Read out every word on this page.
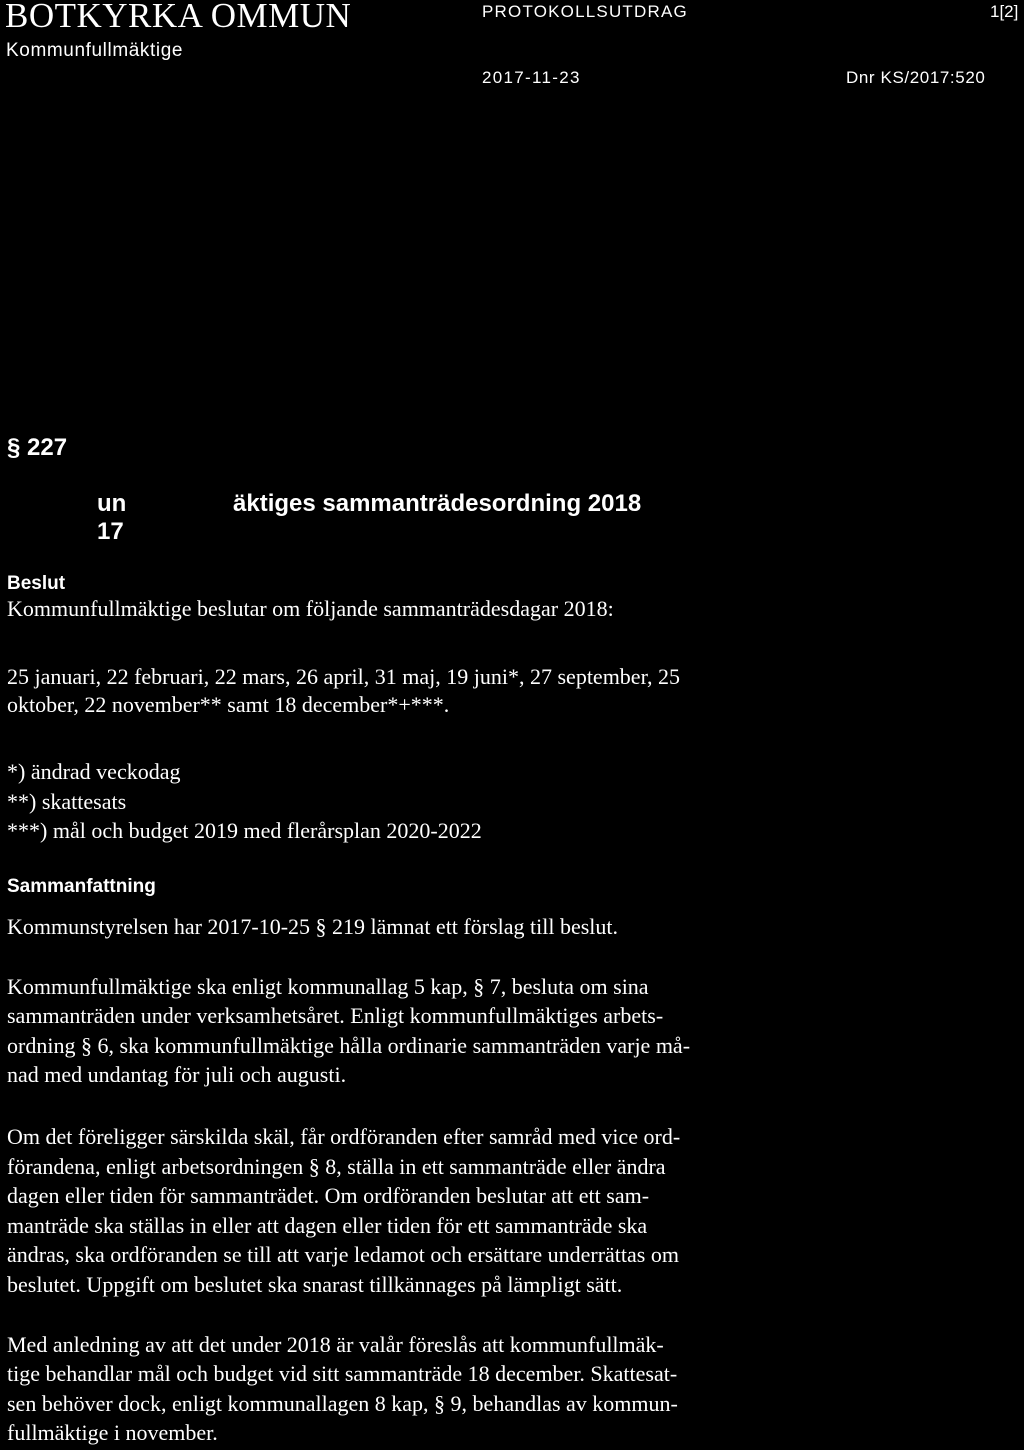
BOTKYRKA OMMUN
Kommunfullmäktige
PROTOKOLLSUTDRAG	1[2]
2017-11-23	Dnr KS/2017:520
§ 227
un	äktiges sammanträdesordning 2018
17
Beslut
Kommunfullmäktige beslutar om följande sammanträdesdagar 2018:
25 januari, 22 februari, 22 mars, 26 april, 31 maj, 19 juni*, 27 september, 25
oktober, 22 november** samt 18 december*+***.
*) ändrad veckodag
**) skattesats
***) mål och budget 2019 med flerårsplan 2020-2022
Sammanfattning
Kommunstyrelsen har 2017-10-25 § 219 lämnat ett förslag till beslut.
Kommunfullmäktige ska enligt kommunallag 5 kap, § 7, besluta om sina
sammanträden under verksamhetsåret. Enligt kommunfullmäktiges arbets-
ordning § 6, ska kommunfullmäktige hålla ordinarie sammanträden varje må-
nad med undantag för juli och augusti.
Om det föreligger särskilda skäl, får ordföranden efter samråd med vice ord-
förandena, enligt arbetsordningen § 8, ställa in ett sammanträde eller ändra
dagen eller tiden för sammanträdet. Om ordföranden beslutar att ett sam-
manträde ska ställas in eller att dagen eller tiden för ett sammanträde ska
ändras, ska ordföranden se till att varje ledamot och ersättare underrättas om
beslutet. Uppgift om beslutet ska snarast tillkännages på lämpligt sätt.
Med anledning av att det under 2018 är valår föreslås att kommunfullmäk-
tige behandlar mål och budget vid sitt sammanträde 18 december. Skattesat-
sen behöver dock, enligt kommunallagen 8 kap, § 9, behandlas av kommun-
fullmäktige i november.
